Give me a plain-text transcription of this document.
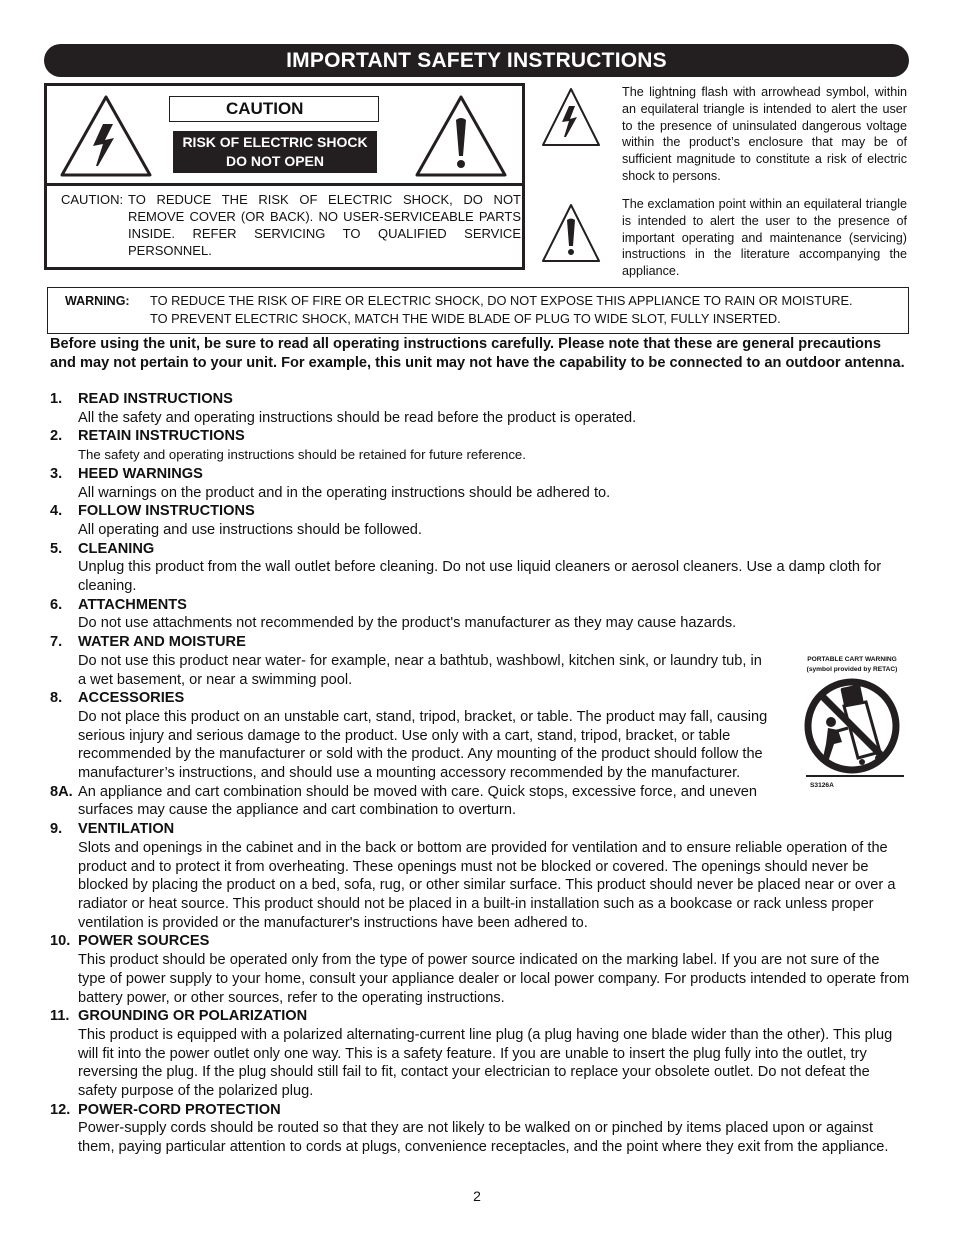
IMPORTANT SAFETY INSTRUCTIONS
CAUTION
RISK OF ELECTRIC SHOCK
DO NOT OPEN
CAUTION: TO REDUCE THE RISK OF ELECTRIC SHOCK, DO NOT REMOVE COVER (OR BACK). NO USER-SERVICEABLE PARTS INSIDE. REFER SERVICING TO QUALIFIED SERVICE PERSONNEL.
The lightning flash with arrowhead symbol, within an equilateral triangle is intended to alert the user to the presence of uninsulated dangerous voltage within the product’s enclosure that may be of sufficient magnitude to constitute a risk of electric shock to persons.
The exclamation point within an equilateral triangle is intended to alert the user to the presence of important operating and maintenance (servicing) instructions in the literature accompanying the appliance.
WARNING: TO REDUCE THE RISK OF FIRE OR ELECTRIC SHOCK, DO NOT EXPOSE THIS APPLIANCE TO RAIN OR MOISTURE.
TO PREVENT ELECTRIC SHOCK, MATCH THE WIDE BLADE OF PLUG TO WIDE SLOT, FULLY INSERTED.
Before using the unit, be sure to read all operating instructions carefully. Please note that these are general precautions and may not pertain to your unit. For example, this unit may not have the capability to be connected to an outdoor antenna.
1. READ INSTRUCTIONS
All the safety and operating instructions should be read before the product is operated.
2. RETAIN INSTRUCTIONS
The safety and operating instructions should be retained for future reference.
3. HEED WARNINGS
All warnings on the product and in the operating instructions should be adhered to.
4. FOLLOW INSTRUCTIONS
All operating and use instructions should be followed.
5. CLEANING
Unplug this product from the wall outlet before cleaning. Do not use liquid cleaners or aerosol cleaners. Use a damp cloth for cleaning.
6. ATTACHMENTS
Do not use attachments not recommended by the product's manufacturer as they may cause hazards.
7. WATER AND MOISTURE
Do not use this product near water- for example, near a bathtub, washbowl, kitchen sink, or laundry tub, in a wet basement, or near a swimming pool.
8. ACCESSORIES
Do not place this product on an unstable cart, stand, tripod, bracket, or table. The product may fall, causing serious injury and serious damage to the product. Use only with a cart, stand, tripod, bracket, or table recommended by the manufacturer or sold with the product. Any mounting of the product should follow the manufacturer’s instructions, and should use a mounting accessory recommended by the manufacturer.
8A. An appliance and cart combination should be moved with care. Quick stops, excessive force, and uneven surfaces may cause the appliance and cart combination to overturn.
9. VENTILATION
Slots and openings in the cabinet and in the back or bottom are provided for ventilation and to ensure reliable operation of the product and to protect it from overheating. These openings must not be blocked or covered. The openings should never be blocked by placing the product on a bed, sofa, rug, or other similar surface. This product should never be placed near or over a radiator or heat source. This product should not be placed in a built-in installation such as a bookcase or rack unless proper ventilation is provided or the manufacturer's instructions have been adhered to.
10. POWER SOURCES
This product should be operated only from the type of power source indicated on the marking label. If you are not sure of the type of power supply to your home, consult your appliance dealer or local power company. For products intended to operate from battery power, or other sources, refer to the operating instructions.
11. GROUNDING OR POLARIZATION
This product is equipped with a polarized alternating-current line plug (a plug having one blade wider than the other). This plug will fit into the power outlet only one way. This is a safety feature. If you are unable to insert the plug fully into the outlet, try reversing the plug. If the plug should still fail to fit, contact your electrician to replace your obsolete outlet. Do not defeat the safety purpose of the polarized plug.
12. POWER-CORD PROTECTION
Power-supply cords should be routed so that they are not likely to be walked on or pinched by items placed upon or against them, paying particular attention to cords at plugs, convenience receptacles, and the point where they exit from the appliance.
PORTABLE CART WARNING
(symbol provided by RETAC)
S3126A
2
